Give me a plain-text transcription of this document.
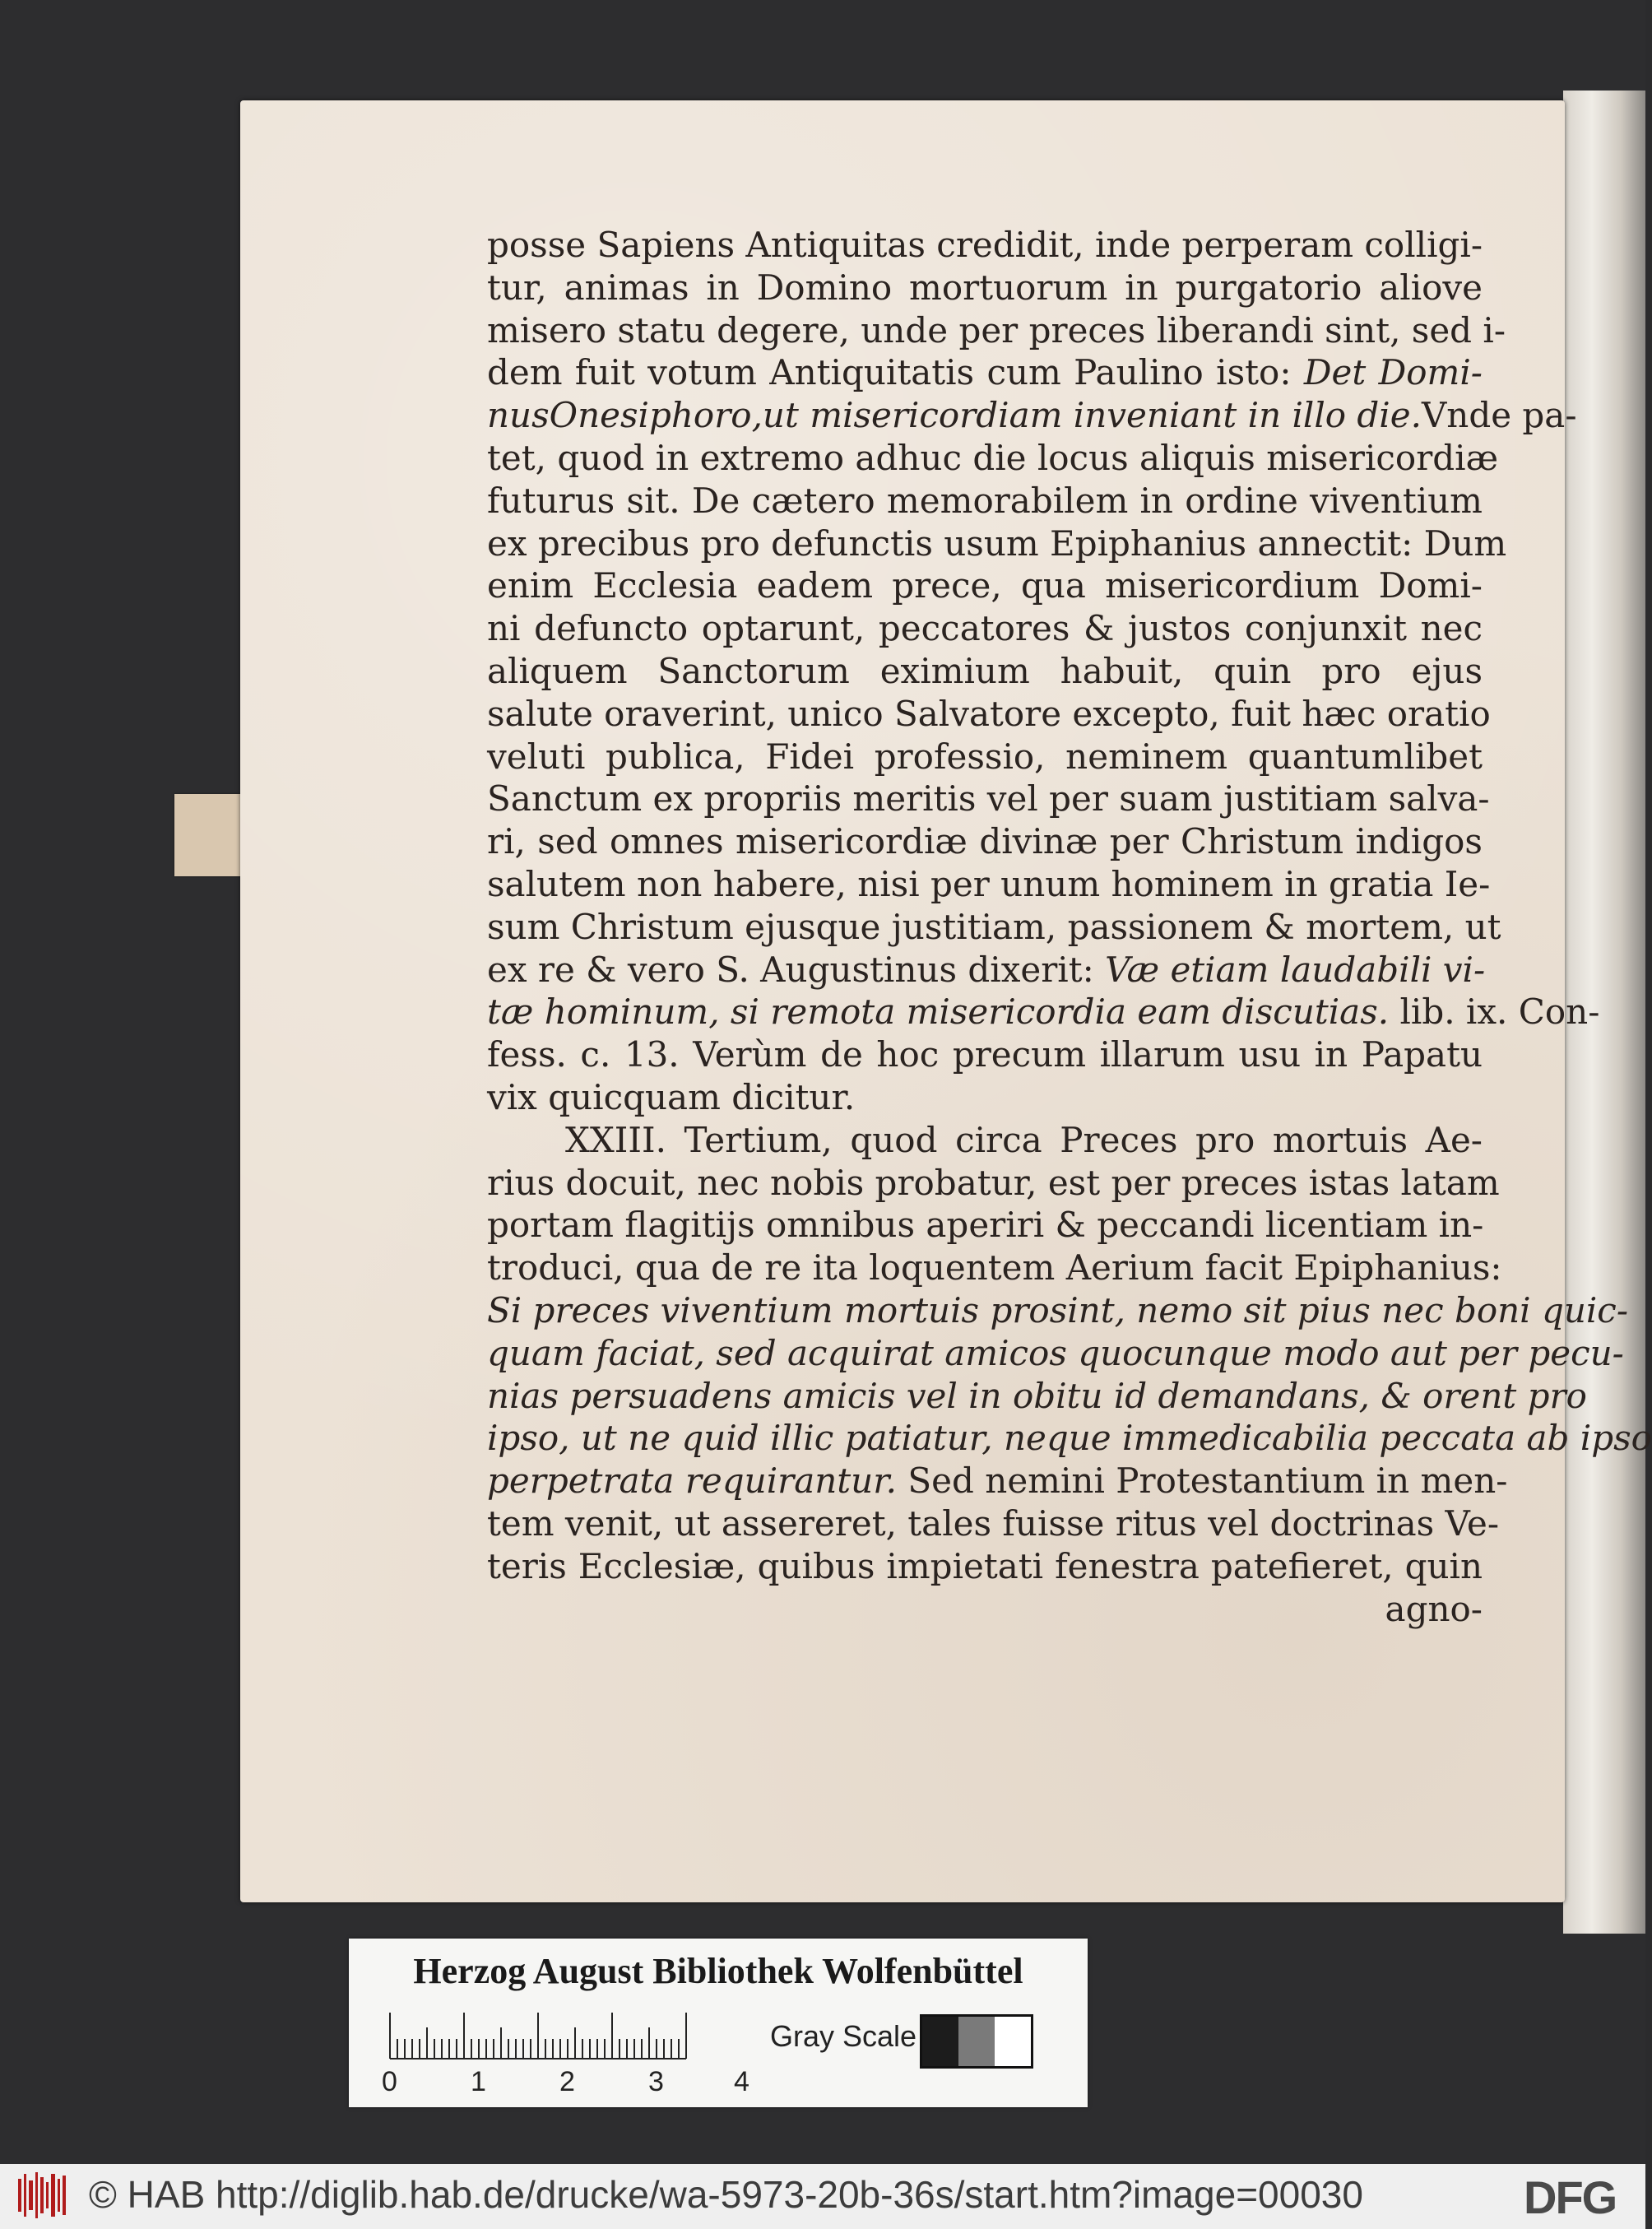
posse Sapiens Antiquitas credidit, inde perperam colligi-
tur, animas in Domino mortuorum in purgatorio aliove
misero statu degere, unde per preces liberandi sint, sed i-
dem fuit votum Antiquitatis cum Paulino isto: Det Domi-
nusOnesiphoro,ut misericordiam inveniant in illo die.Vnde pa-
tet, quod in extremo adhuc die locus aliquis misericordiæ
futurus sit. De cætero memorabilem in ordine viventium
ex precibus pro defunctis usum Epiphanius annectit: Dum
enim Ecclesia eadem prece, qua misericordium Domi-
ni defuncto optarunt, peccatores & justos conjunxit nec
aliquem Sanctorum eximium habuit, quin pro ejus
salute oraverint, unico Salvatore excepto, fuit hæc oratio
veluti publica, Fidei professio, neminem quantumlibet
Sanctum ex propriis meritis vel per suam justitiam salva-
ri, sed omnes misericordiæ divinæ per Christum indigos
salutem non habere, nisi per unum hominem in gratia Ie-
sum Christum ejusque justitiam, passionem & mortem, ut
ex re & vero S. Augustinus dixerit: Væ etiam laudabili vi-
tæ hominum, si remota misericordia eam discutias. lib. ix. Con-
fess. c. 13. Verùm de hoc precum illarum usu in Papatu
vix quicquam dicitur.
XXIII. Tertium, quod circa Preces pro mortuis Ae-
rius docuit, nec nobis probatur, est per preces istas latam
portam flagitijs omnibus aperiri & peccandi licentiam in-
troduci, qua de re ita loquentem Aerium facit Epiphanius:
Si preces viventium mortuis prosint, nemo sit pius nec boni quic-
quam faciat, sed acquirat amicos quocunque modo aut per pecu-
nias persuadens amicis vel in obitu id demandans, & orent pro
ipso, ut ne quid illic patiatur, neque immedicabilia peccata ab ipso
perpetrata requirantur. Sed nemini Protestantium in men-
tem venit, ut assereret, tales fuisse ritus vel doctrinas Ve-
teris Ecclesiæ, quibus impietati fenestra patefieret, quin
agno-
Herzog August Bibliothek Wolfenbüttel
0	1	2	3	4
Gray Scale
© HAB http://diglib.hab.de/drucke/wa-5973-20b-36s/start.htm?image=00030	DFG
